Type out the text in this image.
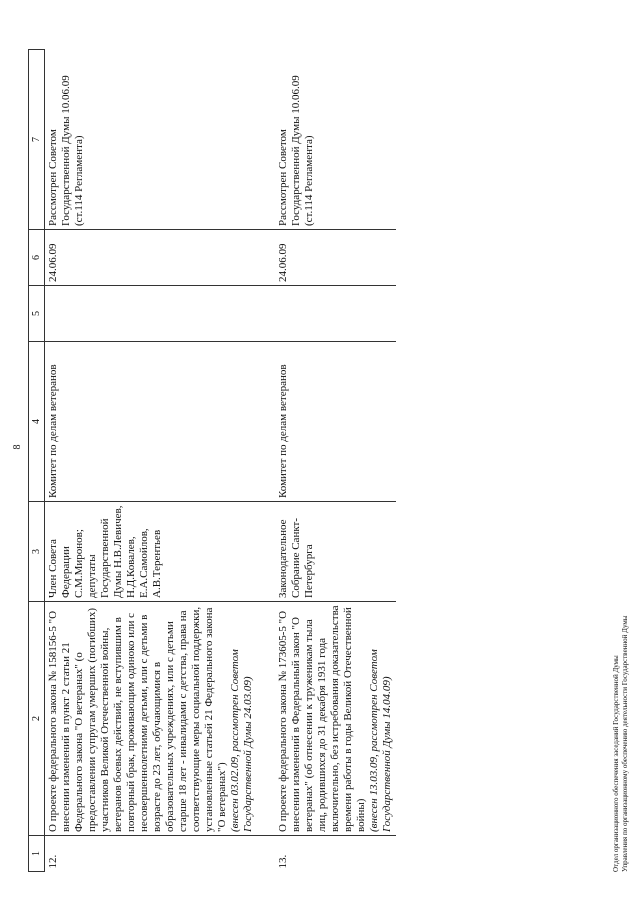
8
1	2	3	4	5	6	7
12.	О проекте федерального закона № 158156-5 "О внесении изменений в пункт 2 статьи 21 Федерального закона "О ветеранах" (о предоставлении супругам умерших (погибших) участников Великой Отечественной войны, ветеранов боевых действий, не вступившим в повторный брак, проживающим одиноко или с несовершеннолетними детьми, или с детьми в возрасте до 23 лет, обучающимися в образовательных учреждениях, или с детьми старше 18 лет - инвалидами с детства, права на соответствующие меры социальной поддержки, установленные статьей 21 Федерального закона "О ветеранах") (внесен 03.02.09, рассмотрен Советом Государственной Думы 24.03.09)	Член Совета Федерации С.М.Миронов; депутаты Государственной Думы Н.В.Левичев, Н.Д.Ковалев, Е.А.Самойлов, А.В.Терентьев	Комитет по делам ветеранов		24.06.09	Рассмотрен Советом Государственной Думы 10.06.09 (ст.114 Регламента)

13.	О проекте федерального закона № 173605-5 "О внесении изменений в Федеральный закон "О ветеранах" (об отнесении к труженикам тыла лиц, родившихся до 31 декабря 1931 года включительно, без истребования доказательства времени работы в годы Великой Отечественной войны) (внесен 13.03.09, рассмотрен Советом Государственной Думы 14.04.09)	Законодательное Собрание Санкт-Петербурга	Комитет по делам ветеранов		24.06.09	Рассмотрен Советом Государственной Думы 10.06.09 (ст.114 Регламента)
Отдел организационного обеспечения заседаний Государственной Думы Управления по организационному обеспечению деятельности Государственной Думы
